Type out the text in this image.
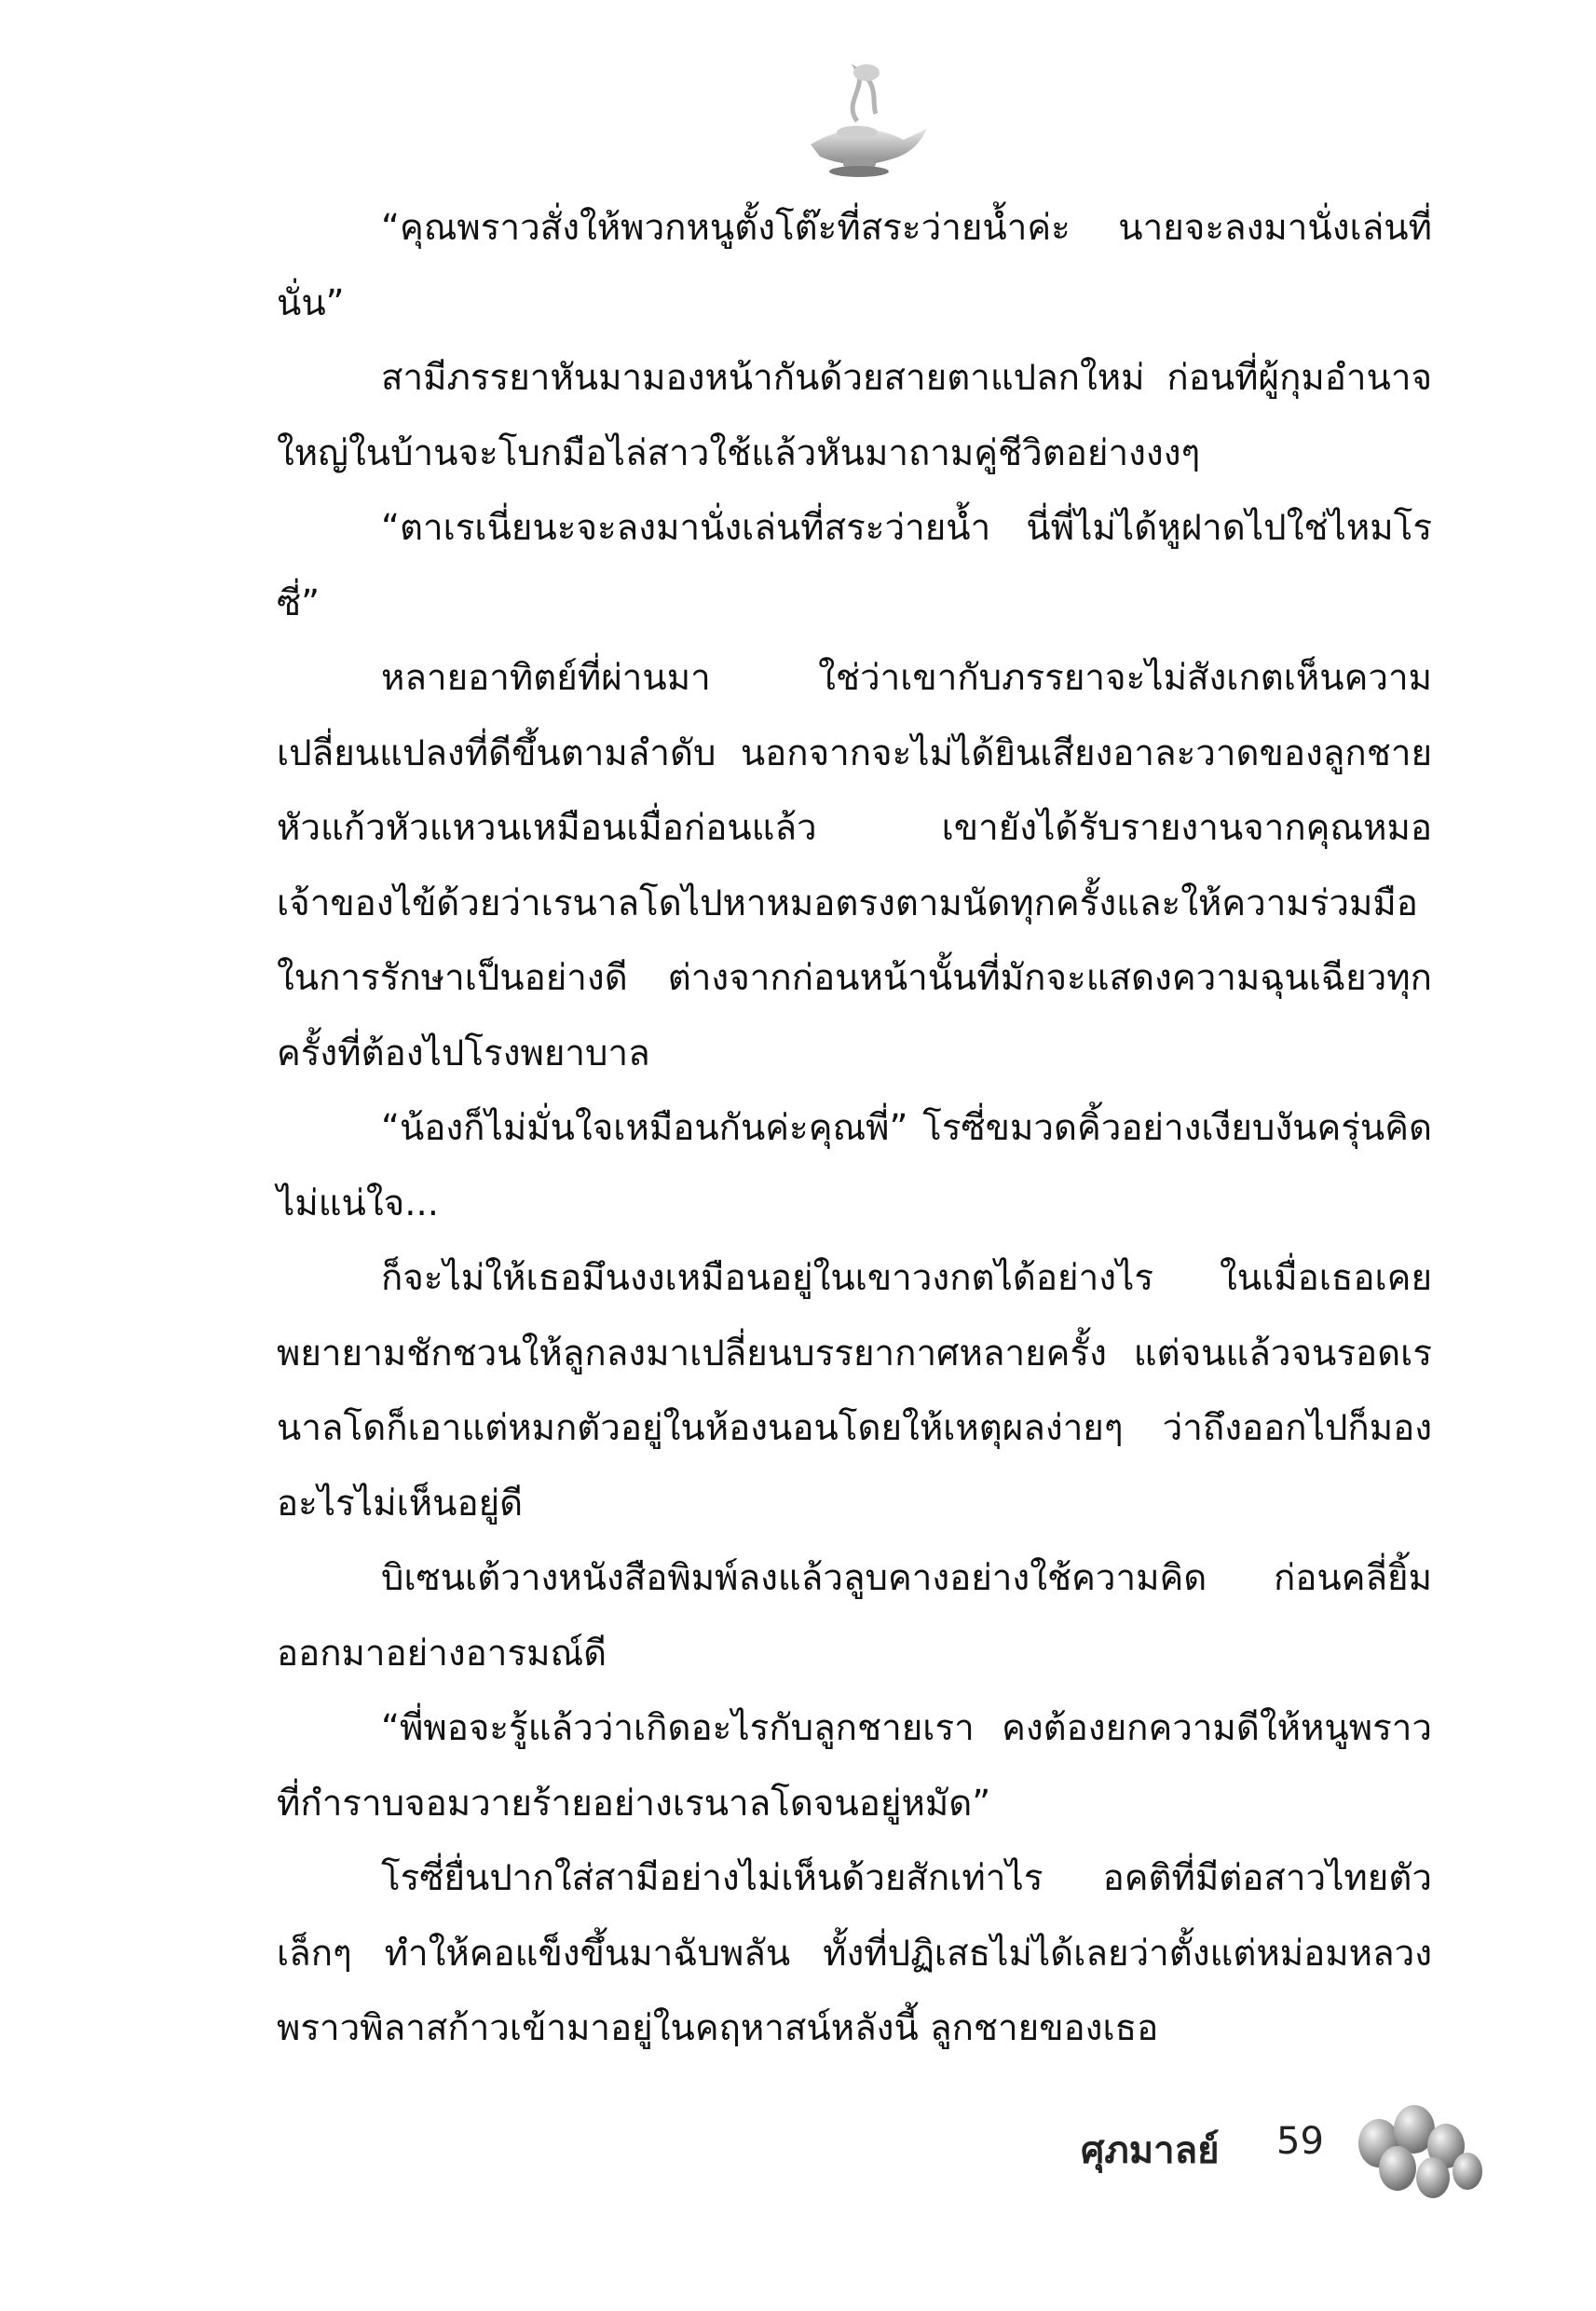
“คุณพราวสั่งให้พวกหนูตั้งโต๊ะที่สระว่ายน้ำค่ะ นายจะลงมานั่งเล่นที่นั่น”

สามีภรรยาหันมามองหน้ากันด้วยสายตาแปลกใหม่ ก่อนที่ผู้กุมอำนาจใหญ่ในบ้านจะโบกมือไล่สาวใช้แล้วหันมาถามคู่ชีวิตอย่างงงๆ

“ตาเรเนี่ยนะจะลงมานั่งเล่นที่สระว่ายน้ำ นี่พี่ไม่ได้หูฝาดไปใช่ไหมโรซี่”

หลายอาทิตย์ที่ผ่านมา ใช่ว่าเขากับภรรยาจะไม่สังเกตเห็นความเปลี่ยนแปลงที่ดีขึ้นตามลำดับ นอกจากจะไม่ได้ยินเสียงอาละวาดของลูกชายหัวแก้วหัวแหวนเหมือนเมื่อก่อนแล้ว เขายังได้รับรายงานจากคุณหมอเจ้าของไข้ด้วยว่าเรนาลโดไปหาหมอตรงตามนัดทุกครั้งและให้ความร่วมมือในการรักษาเป็นอย่างดี ต่างจากก่อนหน้านั้นที่มักจะแสดงความฉุนเฉียวทุกครั้งที่ต้องไปโรงพยาบาล

“น้องก็ไม่มั่นใจเหมือนกันค่ะคุณพี่” โรซี่ขมวดคิ้วอย่างเงียบงันครุ่นคิด ไม่แน่ใจ...

ก็จะไม่ให้เธอมึนงงเหมือนอยู่ในเขาวงกตได้อย่างไร ในเมื่อเธอเคยพยายามชักชวนให้ลูกลงมาเปลี่ยนบรรยากาศหลายครั้ง แต่จนแล้วจนรอดเรนาลโดก็เอาแต่หมกตัวอยู่ในห้องนอนโดยให้เหตุผลง่ายๆ ว่าถึงออกไปก็มองอะไรไม่เห็นอยู่ดี

บิเซนเต้วางหนังสือพิมพ์ลงแล้วลูบคางอย่างใช้ความคิด ก่อนคลี่ยิ้มออกมาอย่างอารมณ์ดี

“พี่พอจะรู้แล้วว่าเกิดอะไรกับลูกชายเรา คงต้องยกความดีให้หนูพราวที่กำราบจอมวายร้ายอย่างเรนาลโดจนอยู่หมัด”

โรซี่ยื่นปากใส่สามีอย่างไม่เห็นด้วยสักเท่าไร อคติที่มีต่อสาวไทยตัวเล็กๆ ทำให้คอแข็งขึ้นมาฉับพลัน ทั้งที่ปฏิเสธไม่ได้เลยว่าตั้งแต่หม่อมหลวงพราวพิลาสก้าวเข้ามาอยู่ในคฤหาสน์หลังนี้ ลูกชายของเธอ

ศุภมาลย์ 59
